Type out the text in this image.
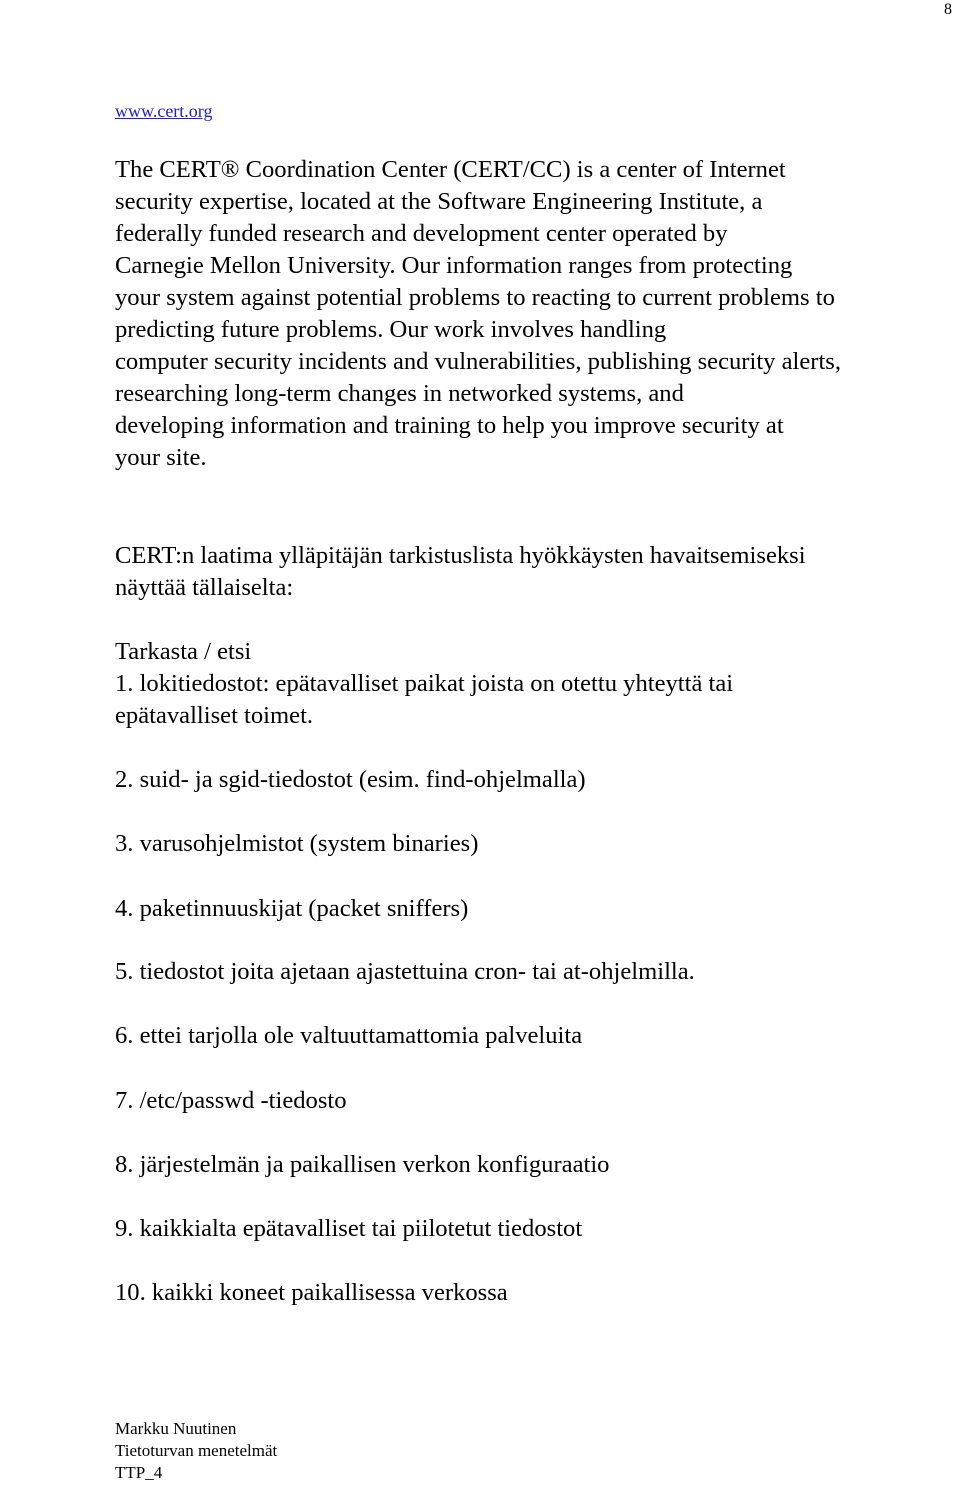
8
www.cert.org
The CERT® Coordination Center (CERT/CC) is a center of Internet
security expertise, located at the Software Engineering Institute, a
federally funded research and development center operated by
Carnegie Mellon University. Our information ranges from protecting
your system against potential problems to reacting to current problems to
predicting future problems. Our work involves handling
computer security incidents and vulnerabilities, publishing security alerts,
researching long-term changes in networked systems, and
developing information and training to help you improve security at
your site.
CERT:n laatima ylläpitäjän tarkistuslista hyökkäysten havaitsemiseksi
näyttää tällaiselta:
Tarkasta / etsi
1. lokitiedostot: epätavalliset paikat joista on otettu yhteyttä tai
epätavalliset toimet.
2. suid- ja sgid-tiedostot (esim. find-ohjelmalla)
3. varusohjelmistot (system binaries)
4. paketinnuuskijat (packet sniffers)
5. tiedostot joita ajetaan ajastettuina cron- tai at-ohjelmilla.
6. ettei tarjolla ole valtuuttamattomia palveluita
7. /etc/passwd -tiedosto
8. järjestelmän ja paikallisen verkon konfiguraatio
9. kaikkialta epätavalliset tai piilotetut tiedostot
10. kaikki koneet paikallisessa verkossa
Markku Nuutinen
Tietoturvan menetelmät
TTP_4
